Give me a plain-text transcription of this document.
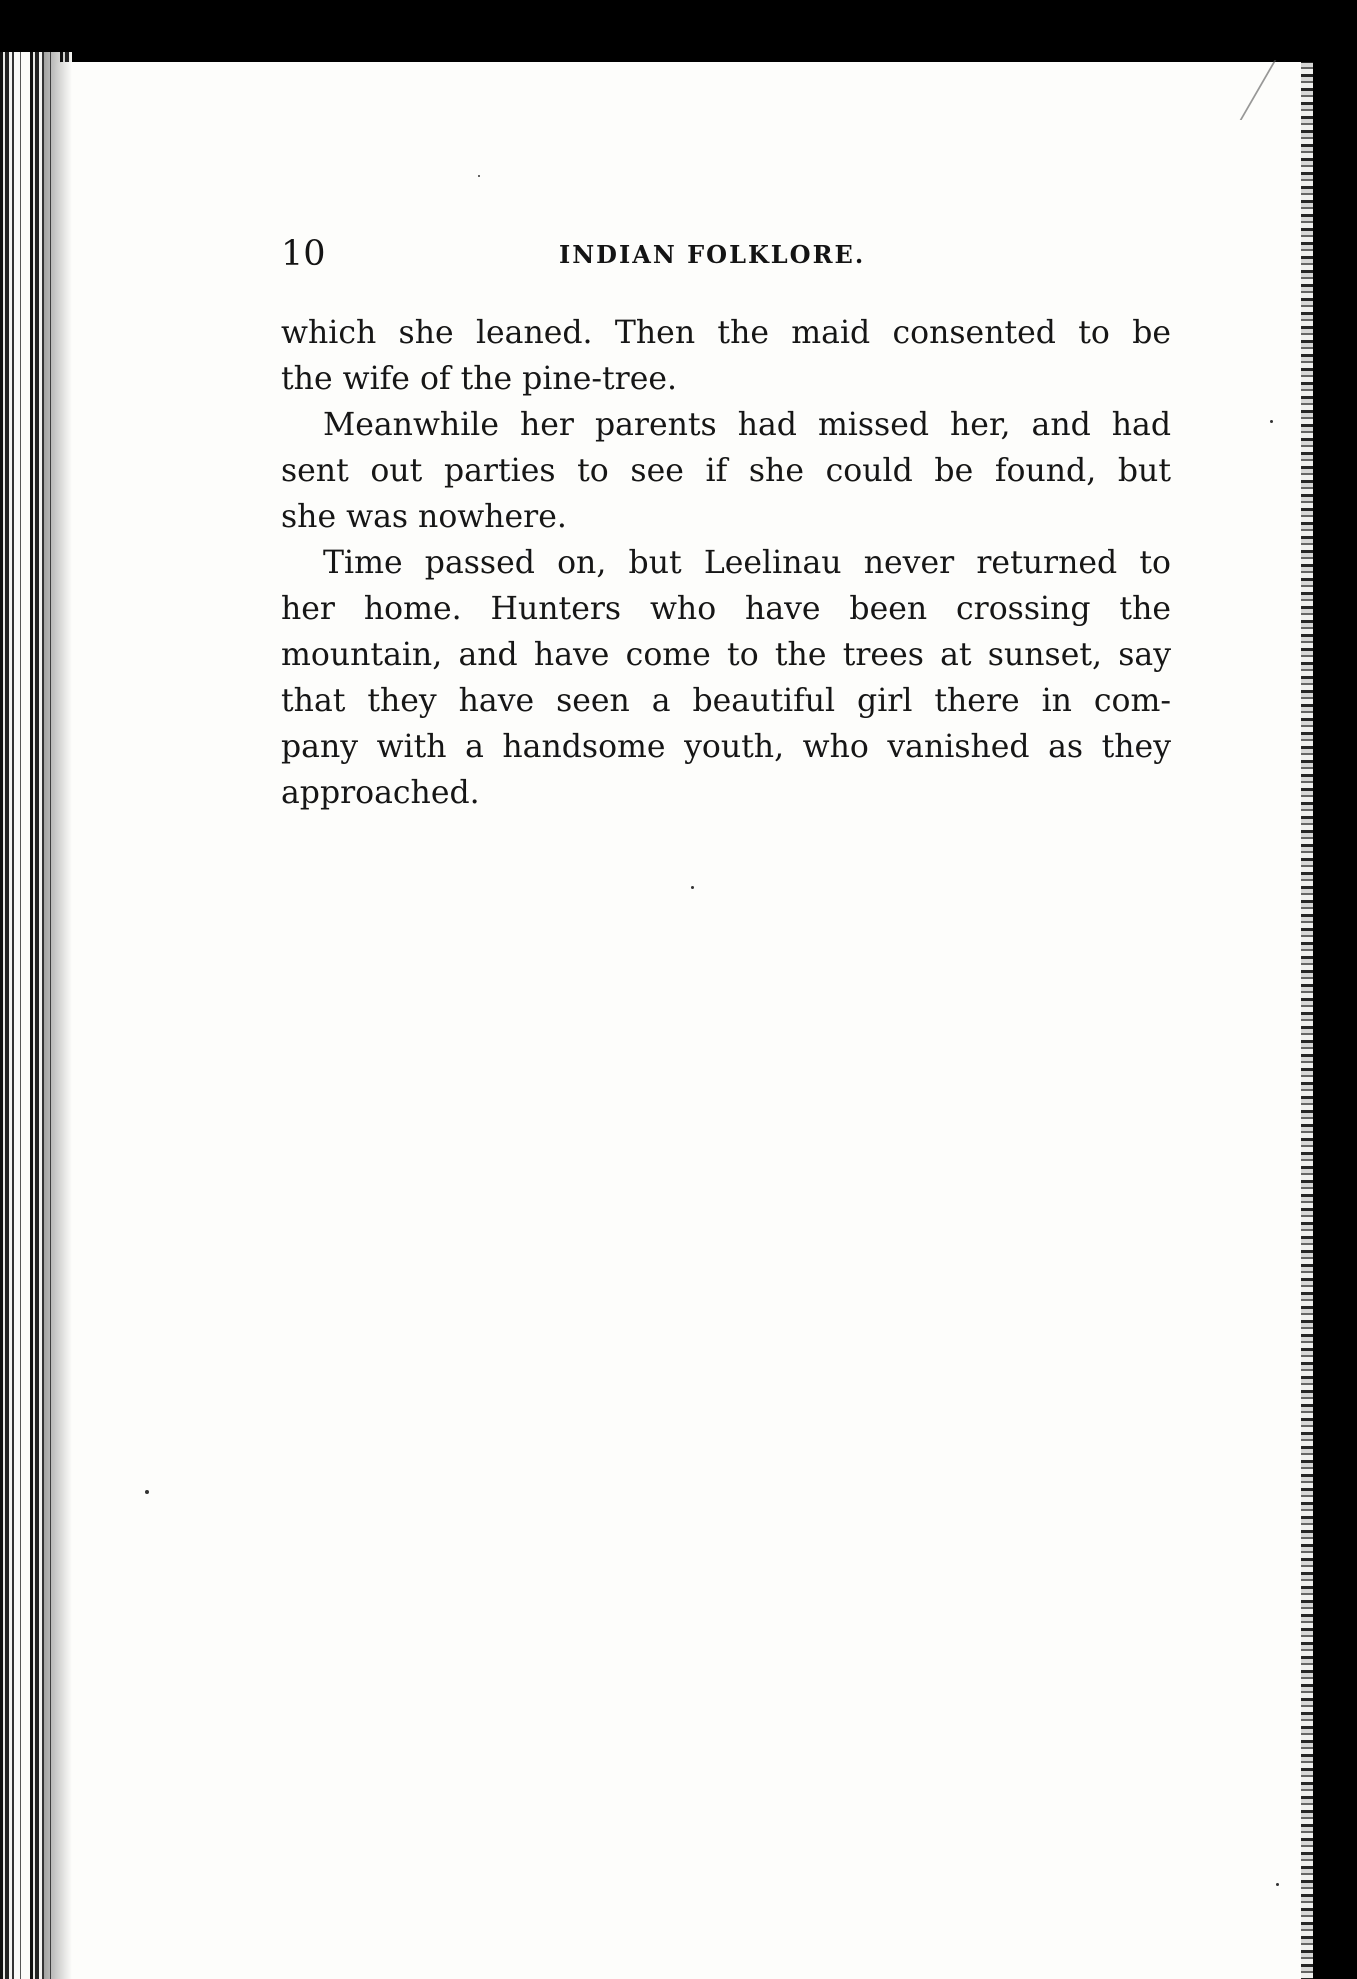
10	INDIAN FOLKLORE.
which she leaned. Then the maid consented to be
the wife of the pine-tree.
Meanwhile her parents had missed her, and had
sent out parties to see if she could be found, but
she was nowhere.
Time passed on, but Leelinau never returned to
her home. Hunters who have been crossing the
mountain, and have come to the trees at sunset, say
that they have seen a beautiful girl there in com-
pany with a handsome youth, who vanished as they
approached.
